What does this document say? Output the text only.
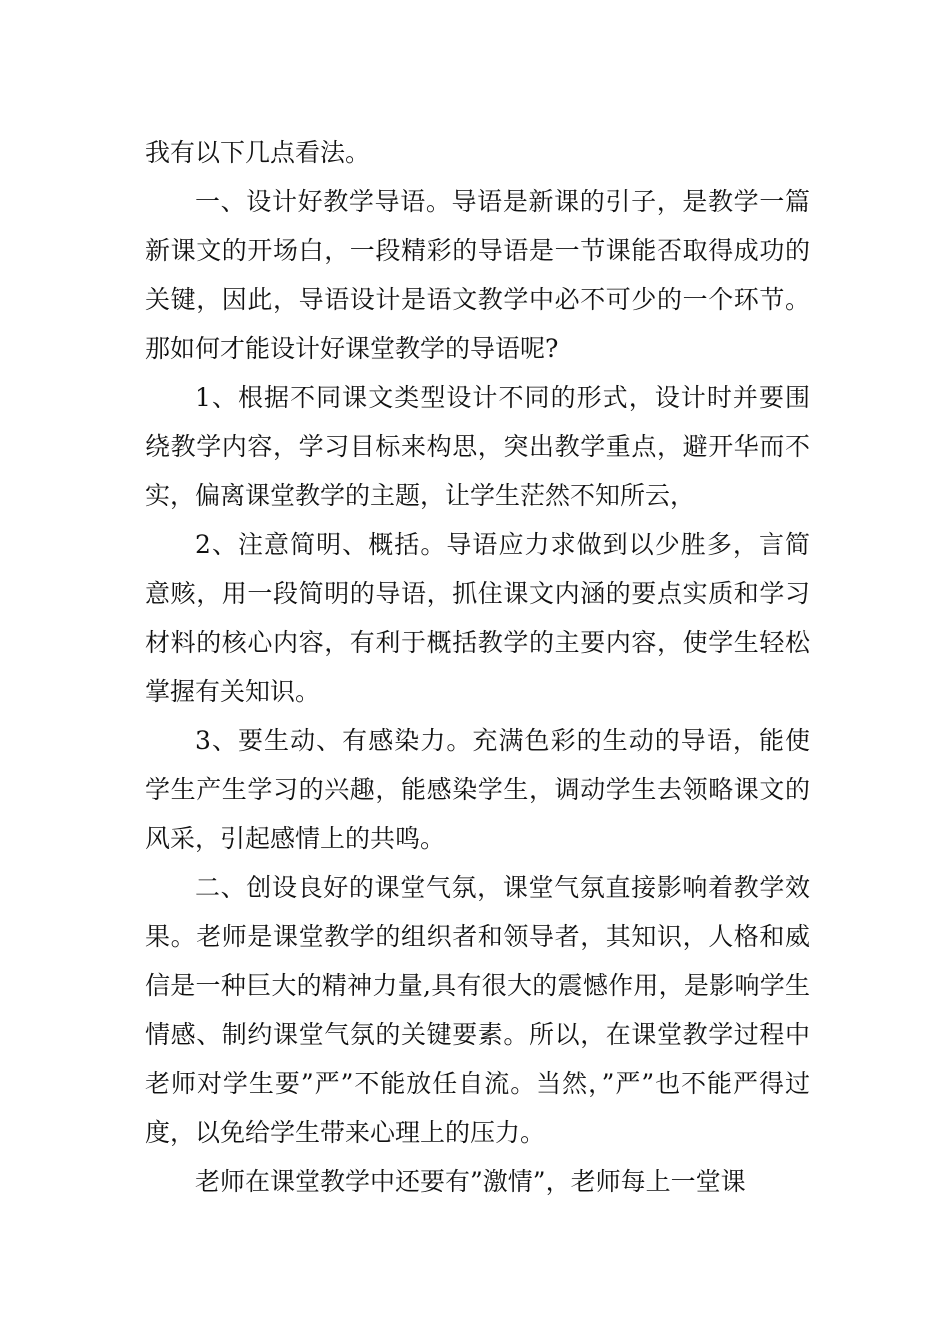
我有以下几点看法。

一、设计好教学导语。导语是新课的引子，是教学一篇新课文的开场白，一段精彩的导语是一节课能否取得成功的关键，因此，导语设计是语文教学中必不可少的一个环节。那如何才能设计好课堂教学的导语呢?

1、根据不同课文类型设计不同的形式，设计时并要围绕教学内容，学习目标来构思，突出教学重点，避开华而不实，偏离课堂教学的主题，让学生茫然不知所云，

2、注意简明、概括。导语应力求做到以少胜多，言简意赅，用一段简明的导语，抓住课文内涵的要点实质和学习材料的核心内容，有利于概括教学的主要内容，使学生轻松掌握有关知识。

3、要生动、有感染力。充满色彩的生动的导语，能使学生产生学习的兴趣，能感染学生，调动学生去领略课文的风采，引起感情上的共鸣。

二、创设良好的课堂气氛，课堂气氛直接影响着教学效果。老师是课堂教学的组织者和领导者，其知识，人格和威信是一种巨大的精神力量,具有很大的震憾作用，是影响学生情感、制约课堂气氛的关键要素。所以，在课堂教学过程中老师对学生要”严”不能放任自流。当然，”严”也不能严得过度，以免给学生带来心理上的压力。

老师在课堂教学中还要有”激情”，老师每上一堂课
